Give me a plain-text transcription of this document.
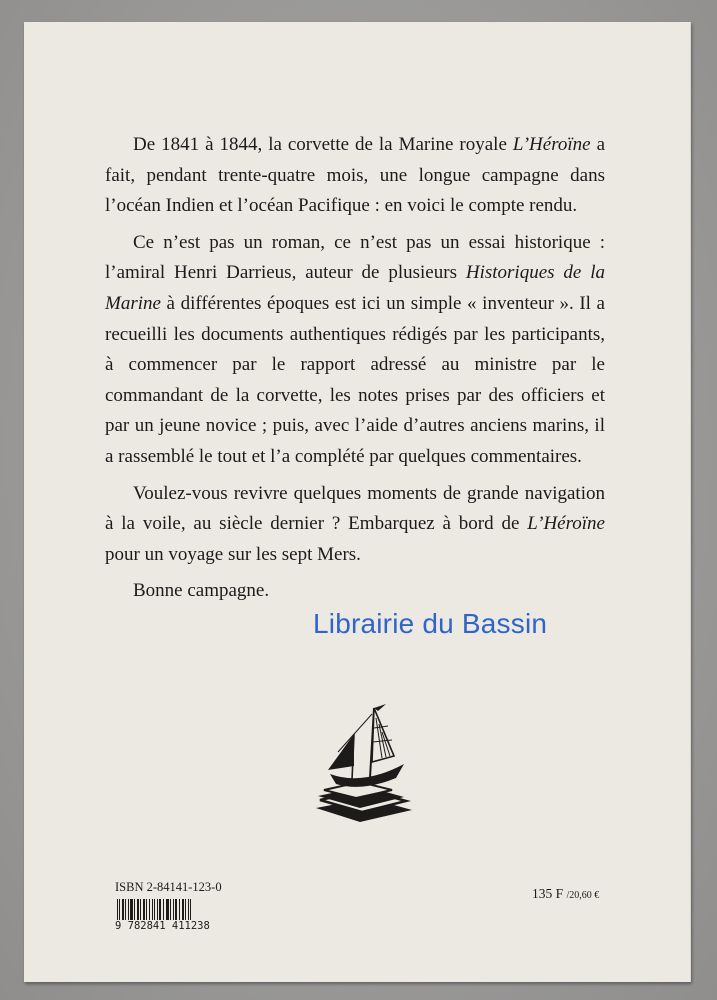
De 1841 à 1844, la corvette de la Marine royale L’Héroïne a fait, pendant trente-quatre mois, une longue campagne dans l’océan Indien et l’océan Pacifique : en voici le compte rendu.

Ce n’est pas un roman, ce n’est pas un essai historique : l’amiral Henri Darrieus, auteur de plusieurs Historiques de la Marine à différentes époques est ici un simple « inventeur ». Il a recueilli les documents authentiques rédigés par les participants, à commencer par le rapport adressé au ministre par le commandant de la corvette, les notes prises par des officiers et par un jeune novice ; puis, avec l’aide d’autres anciens marins, il a rassemblé le tout et l’a complété par quelques commentaires.

Voulez-vous revivre quelques moments de grande navigation à la voile, au siècle dernier ? Embarquez à bord de L’Héroïne pour un voyage sur les sept Mers.

Bonne campagne.

Librairie du Bassin
ISBN 2-84141-123-0
9 782841 411238
135 F /20,60 €
